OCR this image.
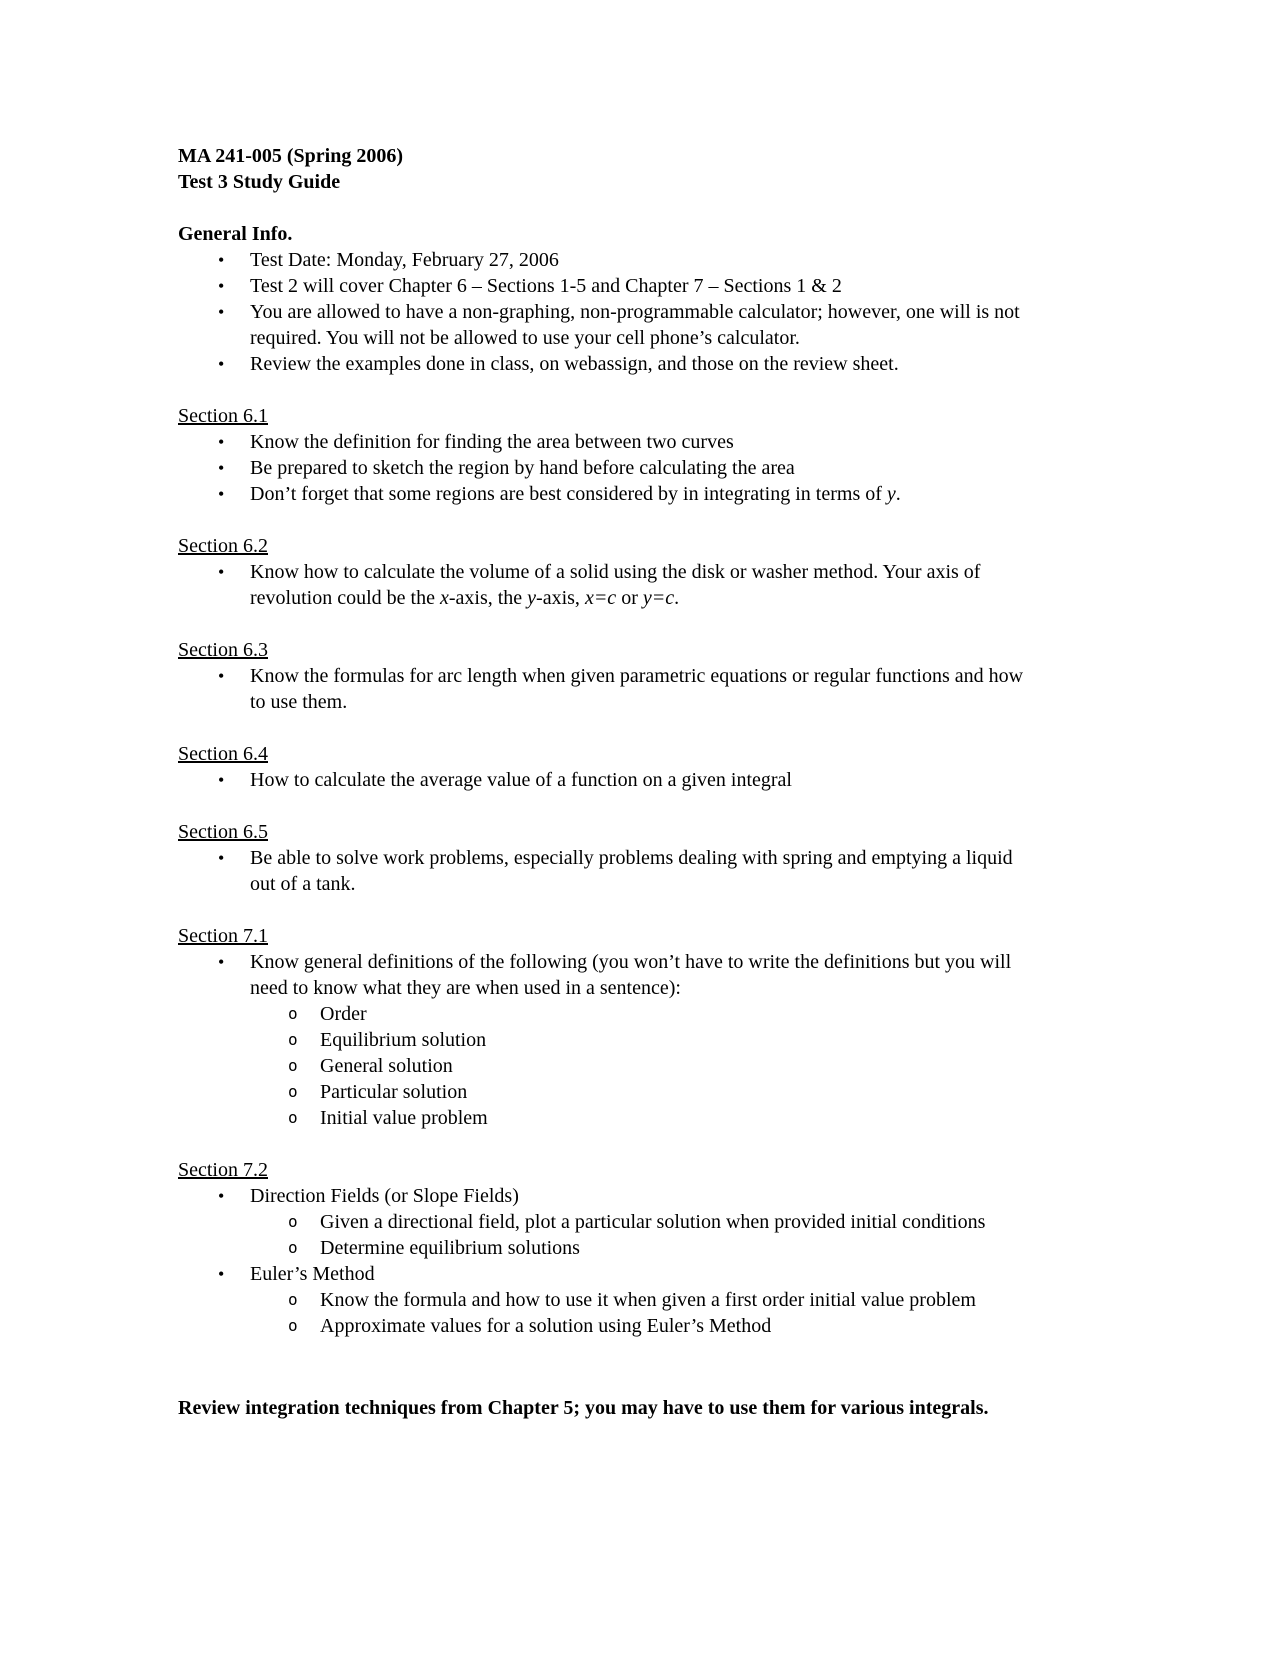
MA 241-005 (Spring 2006)
Test 3 Study Guide
General Info.
•	Test Date: Monday, February 27, 2006
•	Test 2 will cover Chapter 6 – Sections 1-5 and Chapter 7 – Sections 1 & 2
•	You are allowed to have a non-graphing, non-programmable calculator; however, one will is not required. You will not be allowed to use your cell phone’s calculator.
•	Review the examples done in class, on webassign, and those on the review sheet.
Section 6.1
•	Know the definition for finding the area between two curves
•	Be prepared to sketch the region by hand before calculating the area
•	Don’t forget that some regions are best considered by in integrating in terms of y.
Section 6.2
•	Know how to calculate the volume of a solid using the disk or washer method. Your axis of revolution could be the x-axis, the y-axis, x=c or y=c.
Section 6.3
•	Know the formulas for arc length when given parametric equations or regular functions and how to use them.
Section 6.4
•	How to calculate the average value of a function on a given integral
Section 6.5
•	Be able to solve work problems, especially problems dealing with spring and emptying a liquid out of a tank.
Section 7.1
•	Know general definitions of the following (you won’t have to write the definitions but you will need to know what they are when used in a sentence):
o	Order
o	Equilibrium solution
o	General solution
o	Particular solution
o	Initial value problem
Section 7.2
•	Direction Fields (or Slope Fields)
o	Given a directional field, plot a particular solution when provided initial conditions
o	Determine equilibrium solutions
•	Euler’s Method
o	Know the formula and how to use it when given a first order initial value problem
o	Approximate values for a solution using Euler’s Method

Review integration techniques from Chapter 5; you may have to use them for various integrals.
